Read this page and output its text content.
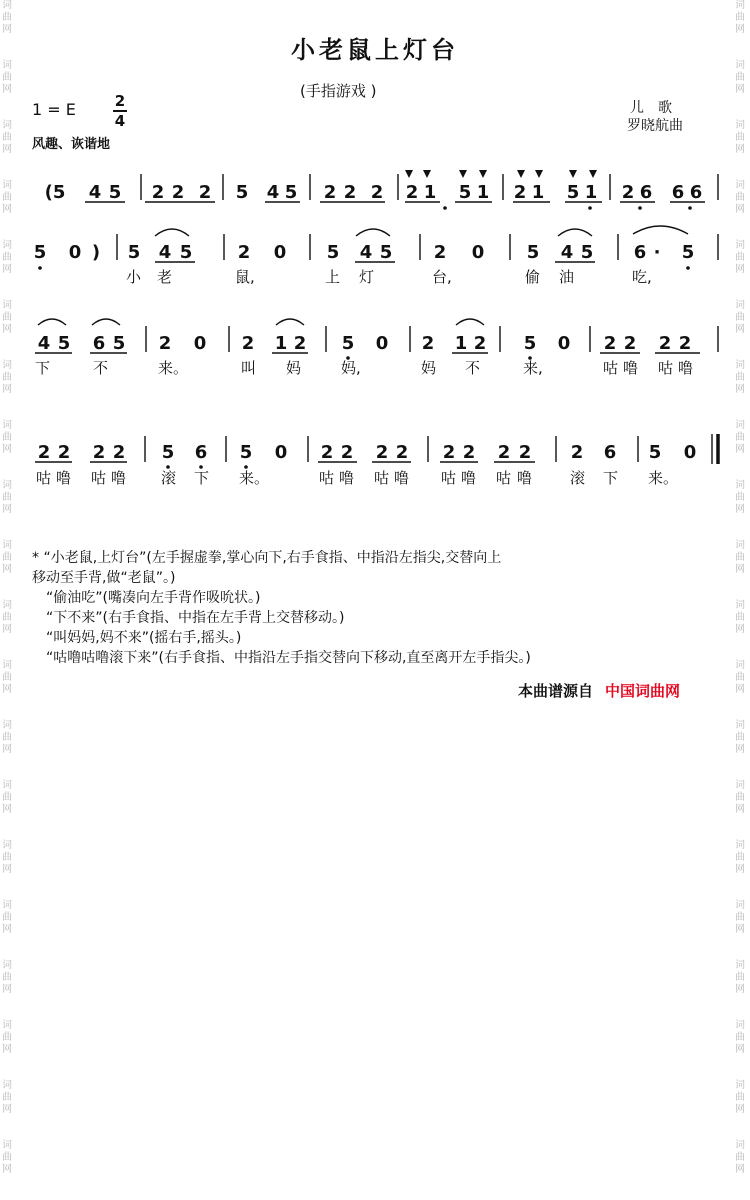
词
曲
网
词
曲
网
词
曲
网
词
曲
网
词
曲
网
词
曲
网
词
曲
网
词
曲
网
词
曲
网
词
曲
网
词
曲
网
词
曲
网
词
曲
网
词
曲
网
词
曲
网
词
曲
网
词
曲
网
词
曲
网
词
曲
网
词
曲
网
词
曲
网
词
曲
网
词
曲
网
词
曲
网
词
曲
网
词
曲
网
词
曲
网
词
曲
网
词
曲
网
词
曲
网
词
曲
网
词
曲
网
词
曲
网
词
曲
网
词
曲
网
词
曲
网
词
曲
网
词
曲
网
词
曲
网
词
曲
网
小老鼠上灯台
(手指游戏 )
1 = E	2
4
风趣、诙谐地
儿歌
罗晓航曲
(5 4 5 2 2 2 5 4 5 2 2 2 2 1 5 1 2 1 5 1 2 6 6 6
5 0 ) 5 4 5	2 0 5 4 5 2 0 5 4 5 6 · 5
4 5 6 5 2 0 2 1 2 5 0 2 1 2 5 0 2 2 2 2
2 2 2 2 5 6 5 0 2 2 2 2 2 2 2 2 2 6 5 0
小 老	鼠,	上 灯	台,	偷 油	吃,
下	不	来。	叫 妈	妈,	妈 不	来,	咕 噜 咕 噜
咕 噜 咕 噜 滚 下 来。	咕 噜 咕 噜 咕 噜 咕 噜	滚 下 来。

* “小老鼠,上灯台”(左手握虚拳,掌心向下,右手食指、中指沿左指尖,交替向上

移动至手背,做“老鼠”。)

“偷油吃”(嘴凑向左手背作吸吮状。)

“下不来”(右手食指、中指在左手背上交替移动。)

“叫妈妈,妈不来”(摇右手,摇头。)

“咕噜咕噜滚下来”(右手食指、中指沿左手指交替向下移动,直至离开左手指尖。)

本曲谱源自 中国词曲网
